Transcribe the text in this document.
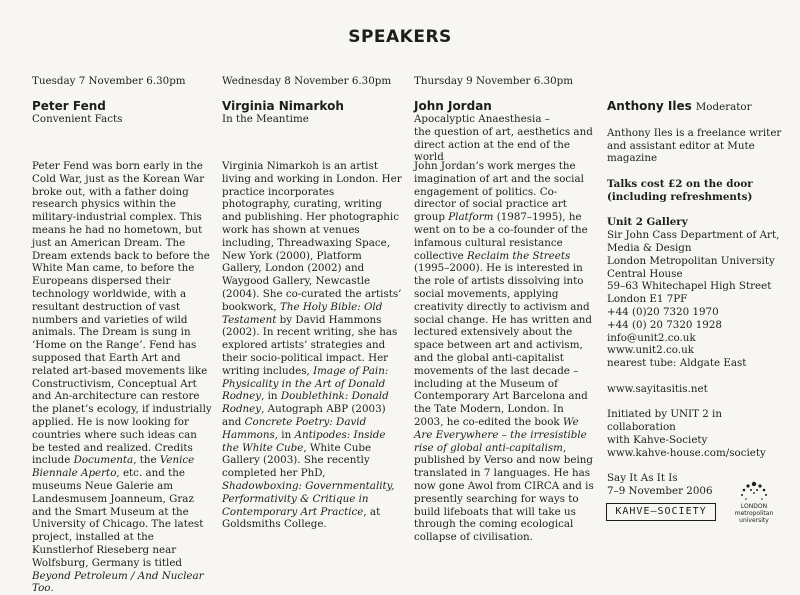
SPEAKERS
Tuesday 7 November 6.30pm
Peter Fend
Convenient Facts

Peter Fend was born early in the Cold War, just as the Korean War broke out, with a father doing research physics within the military-industrial complex. This means he had no hometown, but just an American Dream. The Dream extends back to before the White Man came, to before the Europeans dispersed their technology worldwide, with a resultant destruction of vast numbers and varieties of wild animals. The Dream is sung in ‘Home on the Range’. Fend has supposed that Earth Art and related art-based movements like Constructivism, Conceptual Art and An-architecture can restore the planet’s ecology, if industrially applied. He is now looking for countries where such ideas can be tested and realized. Credits include Documenta, the Venice Biennale Aperto, etc. and the museums Neue Galerie am Landesmusem Joanneum, Graz and the Smart Museum at the University of Chicago. The latest project, installed at the Kunstlerhof Rieseberg near Wolfsburg, Germany is titled Beyond Petroleum / And Nuclear Too.

Wednesday 8 November 6.30pm
Virginia Nimarkoh
In the Meantime

Virginia Nimarkoh is an artist living and working in London. Her practice incorporates photography, curating, writing and publishing. Her photographic work has shown at venues including, Threadwaxing Space, New York (2000), Platform Gallery, London (2002) and Waygood Gallery, Newcastle (2004). She co-curated the artists’ bookwork, The Holy Bible: Old Testament by David Hammons (2002). In recent writing, she has explored artists’ strategies and their socio-political impact. Her writing includes, Image of Pain: Physicality in the Art of Donald Rodney, in Doublethink: Donald Rodney, Autograph ABP (2003) and Concrete Poetry: David Hammons, in Antipodes: Inside the White Cube, White Cube Gallery (2003). She recently completed her PhD, Shadowboxing: Governmentality, Performativity & Critique in Contemporary Art Practice, at Goldsmiths College.

Thursday 9 November 6.30pm
John Jordan
Apocalyptic Anaesthesia –
the question of art, aesthetics and
direct action at the end of the world

John Jordan’s work merges the imagination of art and the social engagement of politics. Co-director of social practice art group Platform (1987–1995), he went on to be a co-founder of the infamous cultural resistance collective Reclaim the Streets (1995–2000). He is interested in the role of artists dissolving into social movements, applying creativity directly to activism and social change. He has written and lectured extensively about the space between art and activism, and the global anti-capitalist movements of the last decade – including at the Museum of Contemporary Art Barcelona and the Tate Modern, London. In 2003, he co-edited the book We Are Everywhere – the irresistible rise of global anti-capitalism, published by Verso and now being translated in 7 languages. He has now gone Awol from CIRCA and is presently searching for ways to build lifeboats that will take us through the coming ecological collapse of civilisation.

Anthony Iles Moderator
Anthony Iles is a freelance writer
and assistant editor at Mute magazine
Talks cost £2 on the door
(including refreshments)
Unit 2 Gallery
Sir John Cass Department of Art,
Media & Design
London Metropolitan University
Central House
59–63 Whitechapel High Street
London E1 7PF
+44 (0)20 7320 1970
+44 (0) 20 7320 1928
info@unit2.co.uk
www.unit2.co.uk
nearest tube: Aldgate East
www.sayitasitis.net
Initiated by UNIT 2 in collaboration
with Kahve-Society
www.kahve-house.com/society
Say It As It Is
7–9 November 2006
KAHVE–SOCIETY	LONDON
metropolitan
university
